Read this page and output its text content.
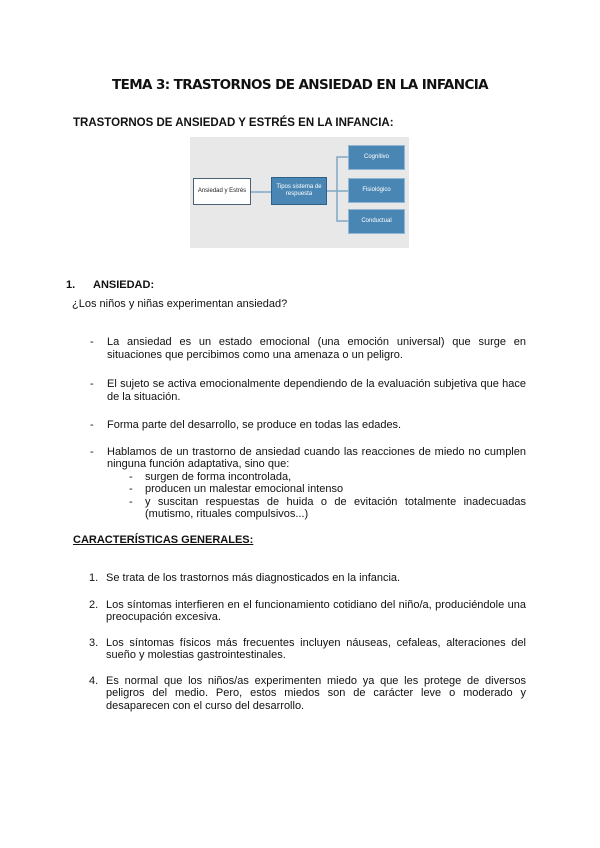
TEMA 3: TRASTORNOS DE ANSIEDAD EN LA INFANCIA
TRASTORNOS DE ANSIEDAD Y ESTRÉS EN LA INFANCIA:
Ansiedad y Estrés
Tipos sistema de respuesta
Cognitivo
Fisiológico
Conductual
1. ANSIEDAD:
¿Los niños y niñas experimentan ansiedad?
- La ansiedad es un estado emocional (una emoción universal) que surge en situaciones que percibimos como una amenaza o un peligro.
- El sujeto se activa emocionalmente dependiendo de la evaluación subjetiva que hace de la situación.
- Forma parte del desarrollo, se produce en todas las edades.
- Hablamos de un trastorno de ansiedad cuando las reacciones de miedo no cumplen ninguna función adaptativa, sino que:
- surgen de forma incontrolada,
- producen un malestar emocional intenso
- y suscitan respuestas de huida o de evitación totalmente inadecuadas (mutismo, rituales compulsivos...)
CARACTERÍSTICAS GENERALES:
1. Se trata de los trastornos más diagnosticados en la infancia.
2. Los síntomas interfieren en el funcionamiento cotidiano del niño/a, produciéndole una preocupación excesiva.
3. Los síntomas físicos más frecuentes incluyen náuseas, cefaleas, alteraciones del sueño y molestias gastrointestinales.
4. Es normal que los niños/as experimenten miedo ya que les protege de diversos peligros del medio. Pero, estos miedos son de carácter leve o moderado y desaparecen con el curso del desarrollo.
